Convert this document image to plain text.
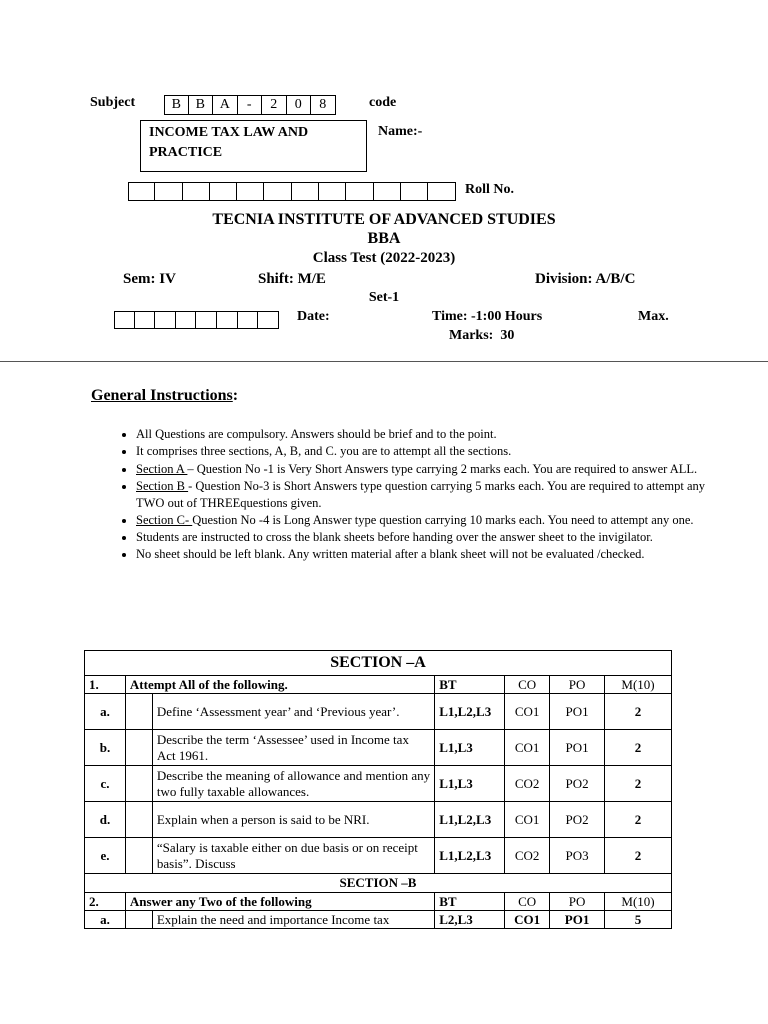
Subject	B	B	A	-	2	0	8	code
INCOME TAX LAW AND PRACTICE
Name:-
Roll No.
TECNIA INSTITUTE OF ADVANCED STUDIES
BBA
Class Test (2022-2023)
Sem: IV	Shift: M/E	Division: A/B/C
Set-1
Date:	Time: -1:00 Hours	Max.
Marks:  30
General Instructions:
• All Questions are compulsory. Answers should be brief and to the point.
• It comprises three sections, A, B, and C. you are to attempt all the sections.
• Section A – Question No -1 is Very Short Answers type carrying 2 marks each. You are required to answer ALL.
• Section B - Question No-3 is Short Answers type question carrying 5 marks each. You are required to attempt any TWO out of THREEquestions given.
• Section C- Question No -4 is Long Answer type question carrying 10 marks each. You need to attempt any one.
• Students are instructed to cross the blank sheets before handing over the answer sheet to the invigilator.
• No sheet should be left blank. Any written material after a blank sheet will not be evaluated /checked.
SECTION –A						
1.	Attempt All of the following.		BT	CO	PO	M(10)
a.		Define ‘Assessment year’ and ‘Previous year’.	L1,L2,L3	CO1	PO1	2
b.		Describe the term ‘Assessee’ used in Income tax Act 1961.	L1,L3	CO1	PO1	2
c.		Describe the meaning of allowance and mention any two fully taxable allowances.	L1,L3	CO2	PO2	2
d.		Explain when a person is said to be NRI.	L1,L2,L3	CO1	PO2	2
e.		“Salary is taxable either on due basis or on receipt basis”. Discuss	L1,L2,L3	CO2	PO3	2
SECTION –B						
2.	Answer any Two of the following		BT	CO	PO	M(10)
a.		Explain the need and importance Income tax	L2,L3	CO1	PO1	5
